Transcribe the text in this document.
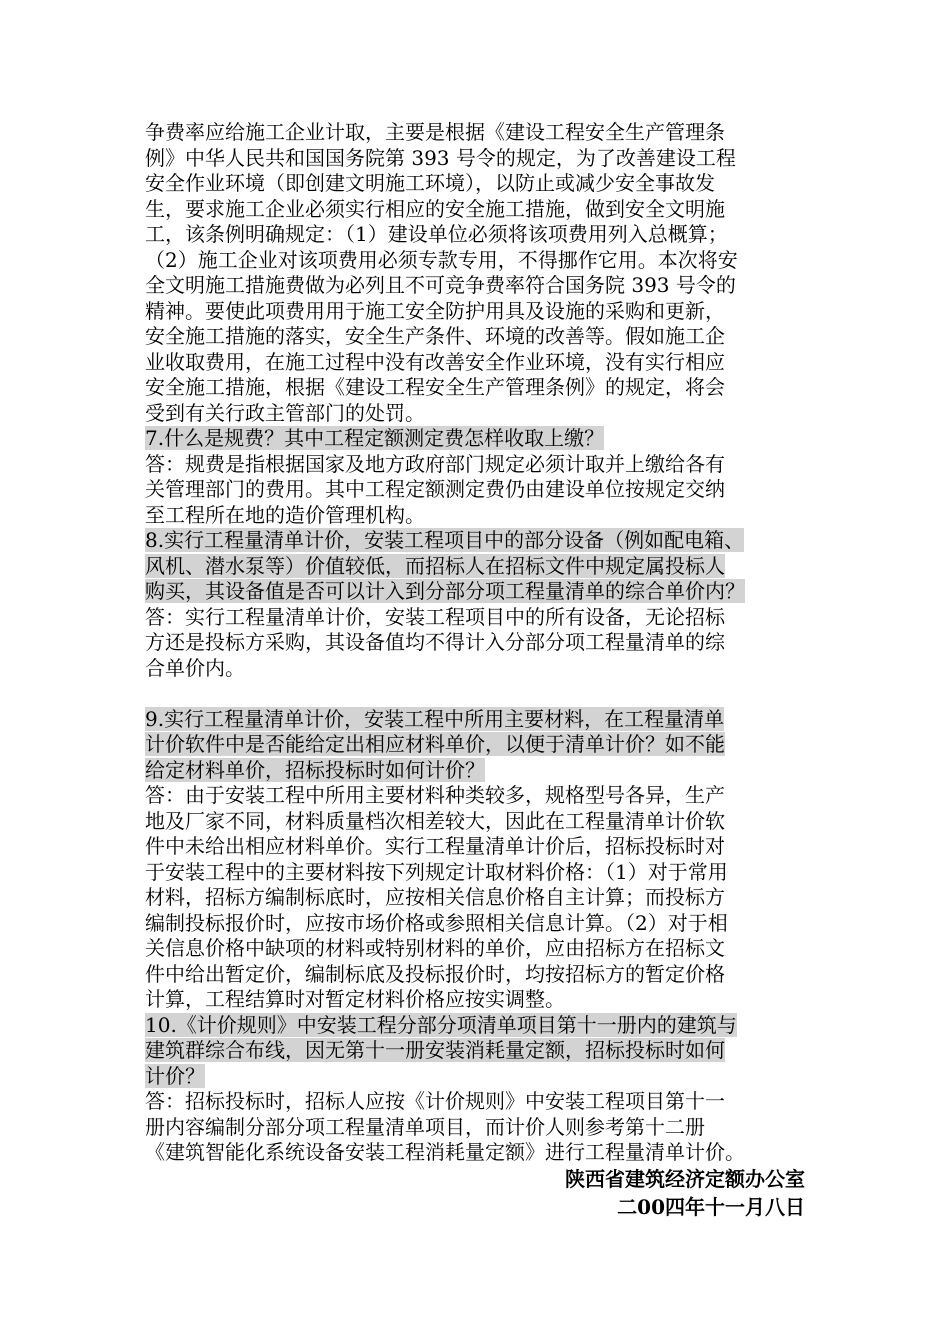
争费率应给施工企业计取，主要是根据《建设工程安全生产管理条
例》中华人民共和国国务院第 393 号令的规定，为了改善建设工程
安全作业环境（即创建文明施工环境），以防止或减少安全事故发
生，要求施工企业必须实行相应的安全施工措施，做到安全文明施
工，该条例明确规定：（1）建设单位必须将该项费用列入总概算；
（2）施工企业对该项费用必须专款专用，不得挪作它用。本次将安
全文明施工措施费做为必列且不可竞争费率符合国务院 393 号令的
精神。要使此项费用用于施工安全防护用具及设施的采购和更新，
安全施工措施的落实，安全生产条件、环境的改善等。假如施工企
业收取费用，在施工过程中没有改善安全作业环境，没有实行相应
安全施工措施，根据《建设工程安全生产管理条例》的规定，将会
受到有关行政主管部门的处罚。
7.什么是规费？其中工程定额测定费怎样收取上缴？
答：规费是指根据国家及地方政府部门规定必须计取并上缴给各有
关管理部门的费用。其中工程定额测定费仍由建设单位按规定交纳
至工程所在地的造价管理机构。
8.实行工程量清单计价，安装工程项目中的部分设备（例如配电箱、
风机、潜水泵等）价值较低，而招标人在招标文件中规定属投标人
购买，其设备值是否可以计入到分部分项工程量清单的综合单价内？
答：实行工程量清单计价，安装工程项目中的所有设备，无论招标
方还是投标方采购，其设备值均不得计入分部分项工程量清单的综
合单价内。
9.实行工程量清单计价，安装工程中所用主要材料，在工程量清单
计价软件中是否能给定出相应材料单价，以便于清单计价？如不能
给定材料单价，招标投标时如何计价？
答：由于安装工程中所用主要材料种类较多，规格型号各异，生产
地及厂家不同，材料质量档次相差较大，因此在工程量清单计价软
件中未给出相应材料单价。实行工程量清单计价后，招标投标时对
于安装工程中的主要材料按下列规定计取材料价格：（1）对于常用
材料，招标方编制标底时，应按相关信息价格自主计算；而投标方
编制投标报价时，应按市场价格或参照相关信息计算。（2）对于相
关信息价格中缺项的材料或特别材料的单价，应由招标方在招标文
件中给出暂定价，编制标底及投标报价时，均按招标方的暂定价格
计算，工程结算时对暂定材料价格应按实调整。
10.《计价规则》中安装工程分部分项清单项目第十一册内的建筑与
建筑群综合布线，因无第十一册安装消耗量定额，招标投标时如何
计价？
答：招标投标时，招标人应按《计价规则》中安装工程项目第十一
册内容编制分部分项工程量清单项目，而计价人则参考第十二册
《建筑智能化系统设备安装工程消耗量定额》进行工程量清单计价。
陕西省建筑经济定额办公室
二00四年十一月八日
